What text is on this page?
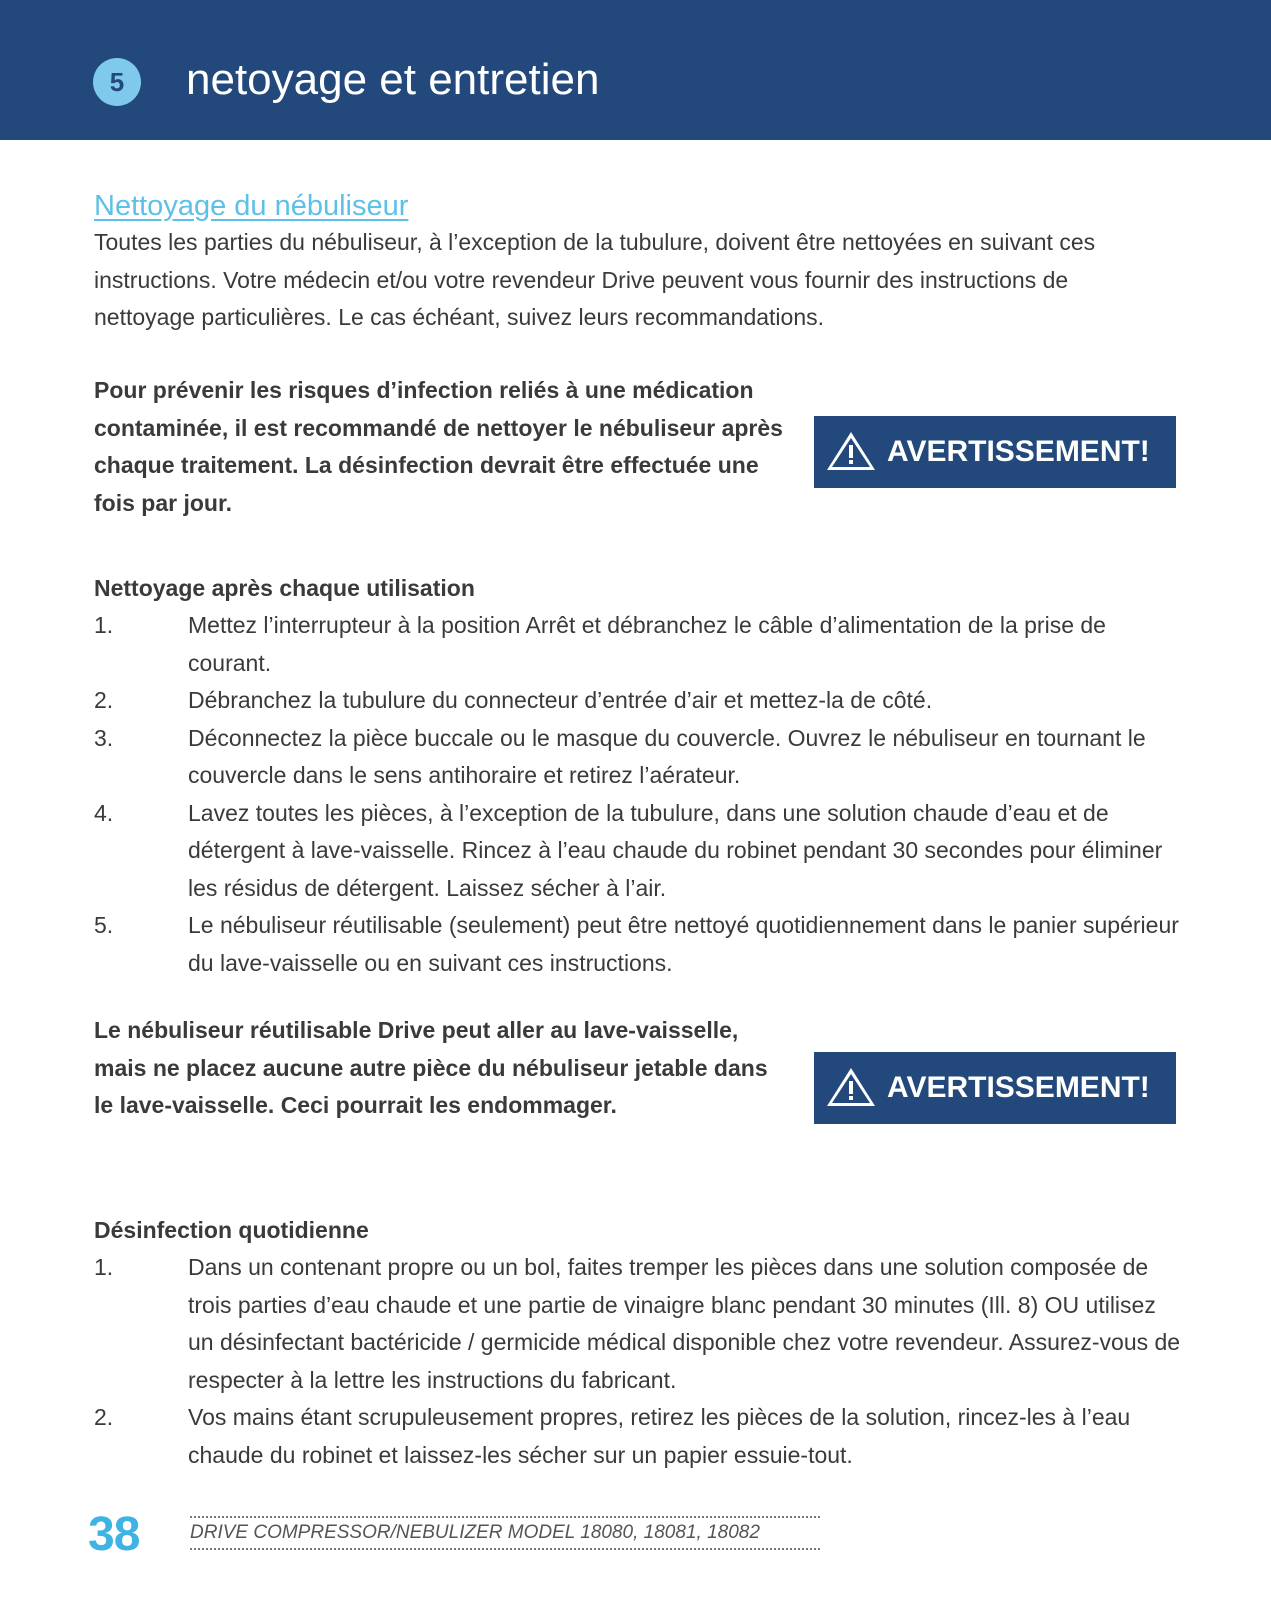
5	netoyage et entretien
Nettoyage du nébuliseur

Toutes les parties du nébuliseur, à l’exception de la tubulure, doivent être nettoyées en suivant ces instructions. Votre médecin et/ou votre revendeur Drive peuvent vous fournir des instructions de nettoyage particulières. Le cas échéant, suivez leurs recommandations.

Pour prévenir les risques d’infection reliés à une médication contaminée, il est recommandé de nettoyer le nébuliseur après chaque traitement. La désinfection devrait être effectuée une fois par jour.

AVERTISSEMENT!
Nettoyage après chaque utilisation
1.	Mettez l’interrupteur à la position Arrêt et débranchez le câble d’alimentation de la prise de courant.
2.	Débranchez la tubulure du connecteur d’entrée d’air et mettez-la de côté.
3.	Déconnectez la pièce buccale ou le masque du couvercle. Ouvrez le nébuliseur en tournant le couvercle dans le sens antihoraire et retirez l’aérateur.
4.	Lavez toutes les pièces, à l’exception de la tubulure, dans une solution chaude d’eau et de détergent à lave-vaisselle. Rincez à l’eau chaude du robinet pendant 30 secondes pour éliminer les résidus de détergent. Laissez sécher à l’air.
5.	Le nébuliseur réutilisable (seulement) peut être nettoyé quotidiennement dans le panier supérieur du lave-vaisselle ou en suivant ces instructions.

Le nébuliseur réutilisable Drive peut aller au lave-vaisselle, mais ne placez aucune autre pièce du nébuliseur jetable dans le lave-vaisselle. Ceci pourrait les endommager.

AVERTISSEMENT!
Désinfection quotidienne
1.	Dans un contenant propre ou un bol, faites tremper les pièces dans une solution composée de trois parties d’eau chaude et une partie de vinaigre blanc pendant 30 minutes (Ill. 8) OU utilisez un désinfectant bactéricide / germicide médical disponible chez votre revendeur. Assurez-vous de respecter à la lettre les instructions du fabricant.
2.	Vos mains étant scrupuleusement propres, retirez les pièces de la solution, rincez-les à l’eau chaude du robinet et laissez-les sécher sur un papier essuie-tout.
38	DRIVE COMPRESSOR/NEBULIZER MODEL 18080, 18081, 18082
